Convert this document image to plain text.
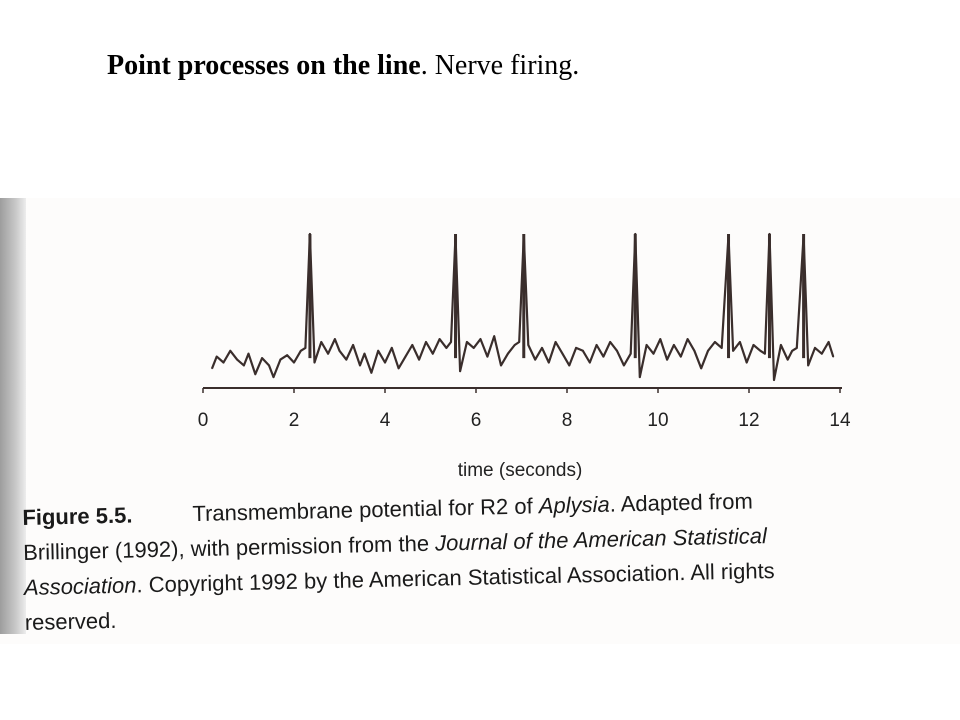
Point processes on the line. Nerve firing.
0	2	4	6	8	10	12	14
time (seconds)
Figure 5.5.	Transmembrane potential for R2 of Aplysia. Adapted from
Brillinger (1992), with permission from the Journal of the American Statistical
Association. Copyright 1992 by the American Statistical Association. All rights
reserved.
